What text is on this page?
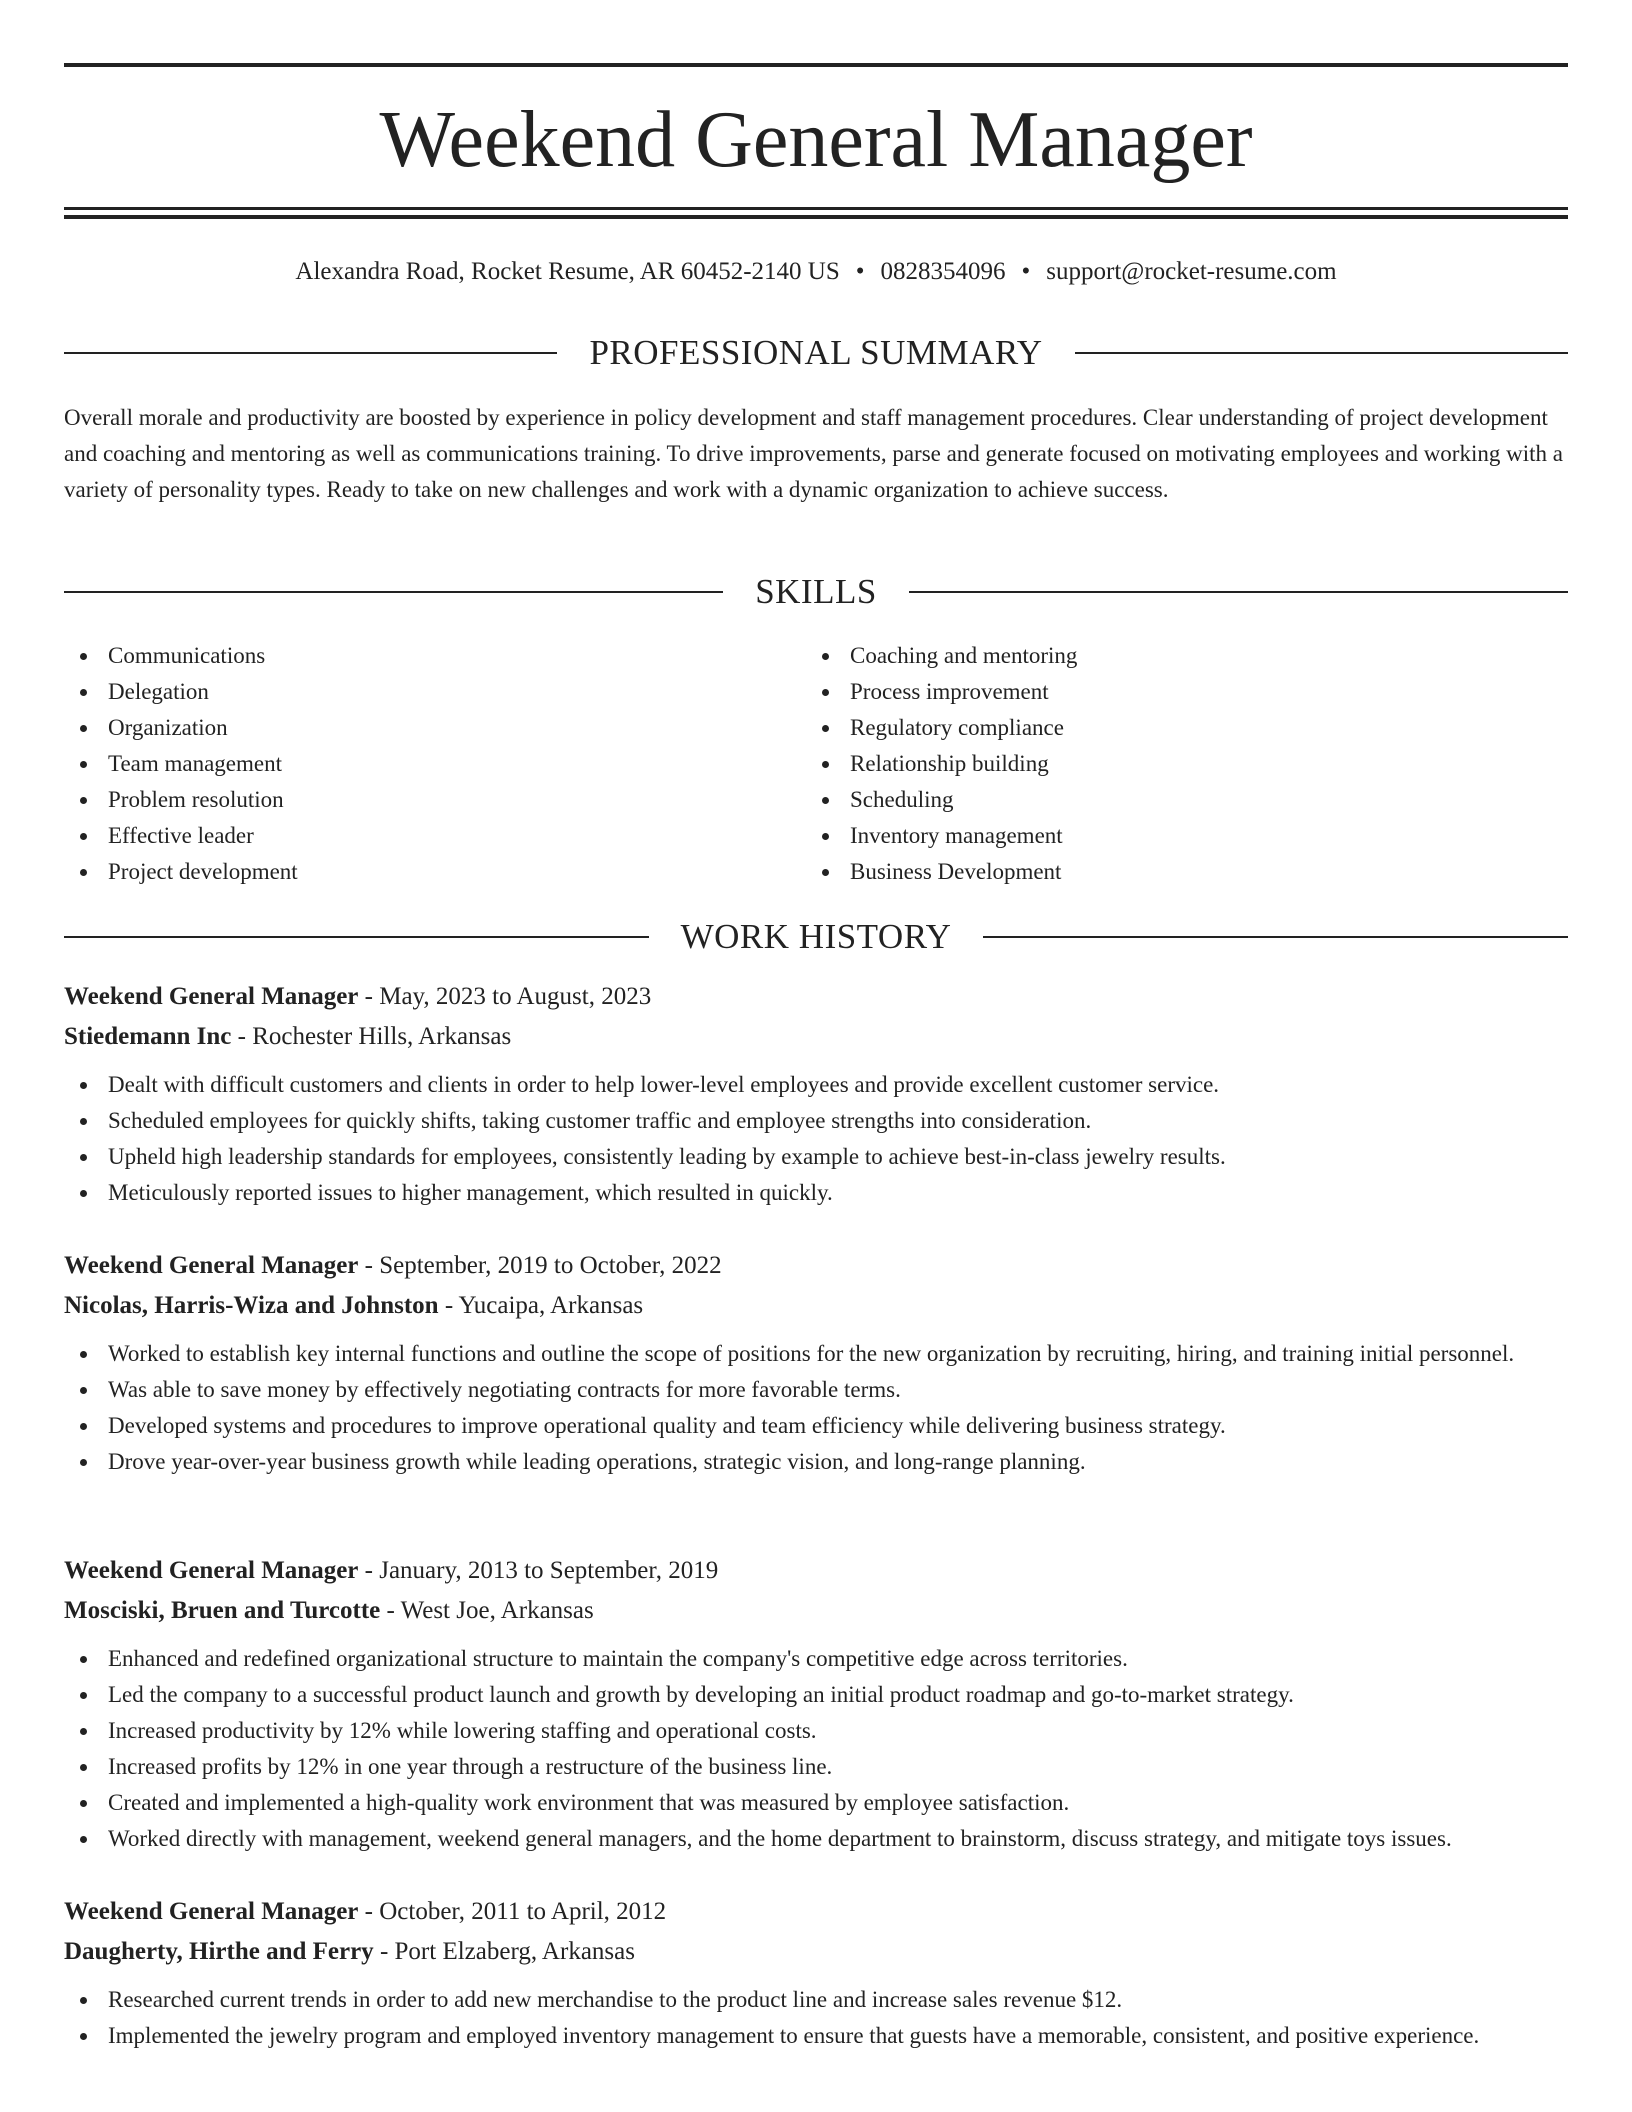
Weekend General Manager
Alexandra Road, Rocket Resume, AR 60452-2140 US • 0828354096 • support@rocket-resume.com
PROFESSIONAL SUMMARY

Overall morale and productivity are boosted by experience in policy development and staff management procedures. Clear understanding of project development and coaching and mentoring as well as communications training. To drive improvements, parse and generate focused on motivating employees and working with a variety of personality types. Ready to take on new challenges and work with a dynamic organization to achieve success.

SKILLS
Communications
Delegation
Organization
Team management
Problem resolution
Effective leader
Project development
Coaching and mentoring
Process improvement
Regulatory compliance
Relationship building
Scheduling
Inventory management
Business Development
WORK HISTORY
Weekend General Manager - May, 2023 to August, 2023
Stiedemann Inc - Rochester Hills, Arkansas
Dealt with difficult customers and clients in order to help lower-level employees and provide excellent customer service.
Scheduled employees for quickly shifts, taking customer traffic and employee strengths into consideration.
Upheld high leadership standards for employees, consistently leading by example to achieve best-in-class jewelry results.
Meticulously reported issues to higher management, which resulted in quickly.
Weekend General Manager - September, 2019 to October, 2022
Nicolas, Harris-Wiza and Johnston - Yucaipa, Arkansas
Worked to establish key internal functions and outline the scope of positions for the new organization by recruiting, hiring, and training initial personnel.
Was able to save money by effectively negotiating contracts for more favorable terms.
Developed systems and procedures to improve operational quality and team efficiency while delivering business strategy.
Drove year-over-year business growth while leading operations, strategic vision, and long-range planning.
Weekend General Manager - January, 2013 to September, 2019
Mosciski, Bruen and Turcotte - West Joe, Arkansas
Enhanced and redefined organizational structure to maintain the company's competitive edge across territories.
Led the company to a successful product launch and growth by developing an initial product roadmap and go-to-market strategy.
Increased productivity by 12% while lowering staffing and operational costs.
Increased profits by 12% in one year through a restructure of the business line.
Created and implemented a high-quality work environment that was measured by employee satisfaction.
Worked directly with management, weekend general managers, and the home department to brainstorm, discuss strategy, and mitigate toys issues.
Weekend General Manager - October, 2011 to April, 2012
Daugherty, Hirthe and Ferry - Port Elzaberg, Arkansas
Researched current trends in order to add new merchandise to the product line and increase sales revenue $12.
Implemented the jewelry program and employed inventory management to ensure that guests have a memorable, consistent, and positive experience.
